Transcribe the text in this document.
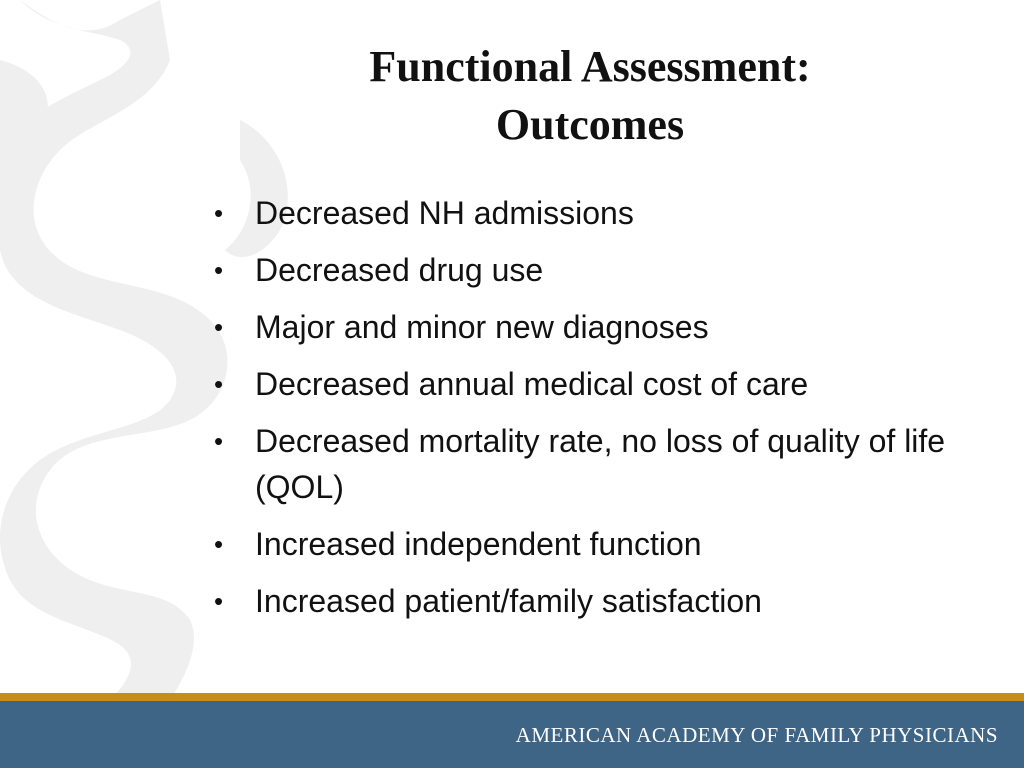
Functional Assessment:
Outcomes
• Decreased NH admissions
• Decreased drug use
• Major and minor new diagnoses
• Decreased annual medical cost of care
• Decreased mortality rate, no loss of quality of life (QOL)
• Increased independent function
• Increased patient/family satisfaction
AMERICAN ACADEMY OF FAMILY PHYSICIANS
